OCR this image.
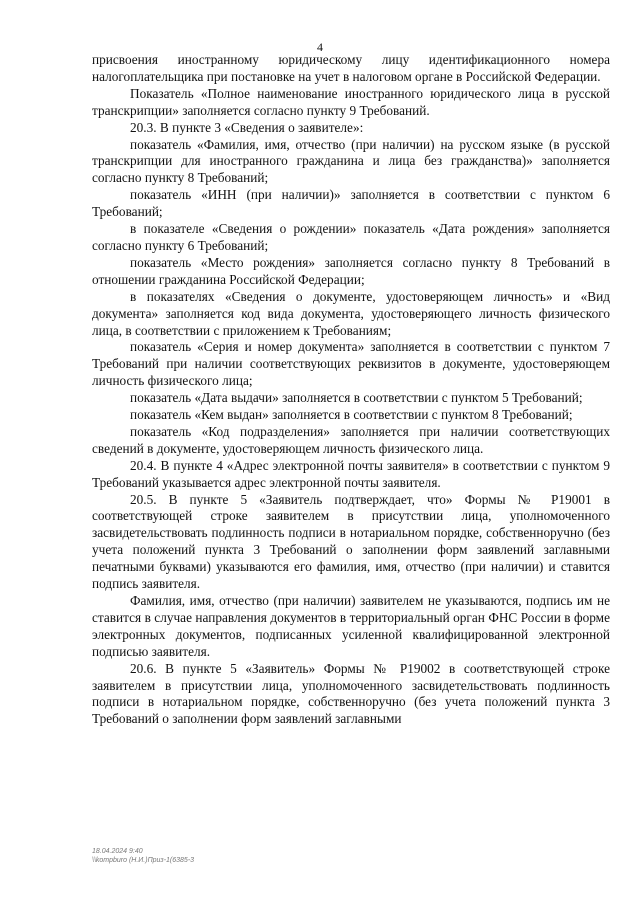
4

присвоения иностранному юридическому лицу идентификационного номера налогоплательщика при постановке на учет в налоговом органе в Российской Федерации.

Показатель «Полное наименование иностранного юридического лица в русской транскрипции» заполняется согласно пункту 9 Требований.

20.3. В пункте 3 «Сведения о заявителе»:

показатель «Фамилия, имя, отчество (при наличии) на русском языке (в русской транскрипции для иностранного гражданина и лица без гражданства)» заполняется согласно пункту 8 Требований;

показатель «ИНН (при наличии)» заполняется в соответствии с пунктом 6 Требований;

в показателе «Сведения о рождении» показатель «Дата рождения» заполняется согласно пункту 6 Требований;

показатель «Место рождения» заполняется согласно пункту 8 Требований в отношении гражданина Российской Федерации;

в показателях «Сведения о документе, удостоверяющем личность» и «Вид документа» заполняется код вида документа, удостоверяющего личность физического лица, в соответствии с приложением к Требованиям;

показатель «Серия и номер документа» заполняется в соответствии с пунктом 7 Требований при наличии соответствующих реквизитов в документе, удостоверяющем личность физического лица;

показатель «Дата выдачи» заполняется в соответствии с пунктом 5 Требований;

показатель «Кем выдан» заполняется в соответствии с пунктом 8 Требований;

показатель «Код подразделения» заполняется при наличии соответствующих сведений в документе, удостоверяющем личность физического лица.

20.4. В пункте 4 «Адрес электронной почты заявителя» в соответствии с пунктом 9 Требований указывается адрес электронной почты заявителя.

20.5. В пункте 5 «Заявитель подтверждает, что» Формы № Р19001 в соответствующей строке заявителем в присутствии лица, уполномоченного засвидетельствовать подлинность подписи в нотариальном порядке, собственноручно (без учета положений пункта 3 Требований о заполнении форм заявлений заглавными печатными буквами) указываются его фамилия, имя, отчество (при наличии) и ставится подпись заявителя.

Фамилия, имя, отчество (при наличии) заявителем не указываются, подпись им не ставится в случае направления документов в территориальный орган ФНС России в форме электронных документов, подписанных усиленной квалифицированной электронной подписью заявителя.

20.6. В пункте 5 «Заявитель» Формы № Р19002 в соответствующей строке заявителем в присутствии лица, уполномоченного засвидетельствовать подлинность подписи в нотариальном порядке, собственноручно (без учета положений пункта 3 Требований о заполнении форм заявлений заглавными

18.04.2024 9:40
\\kompburo (Н.И.)Приз-1(6385-3
